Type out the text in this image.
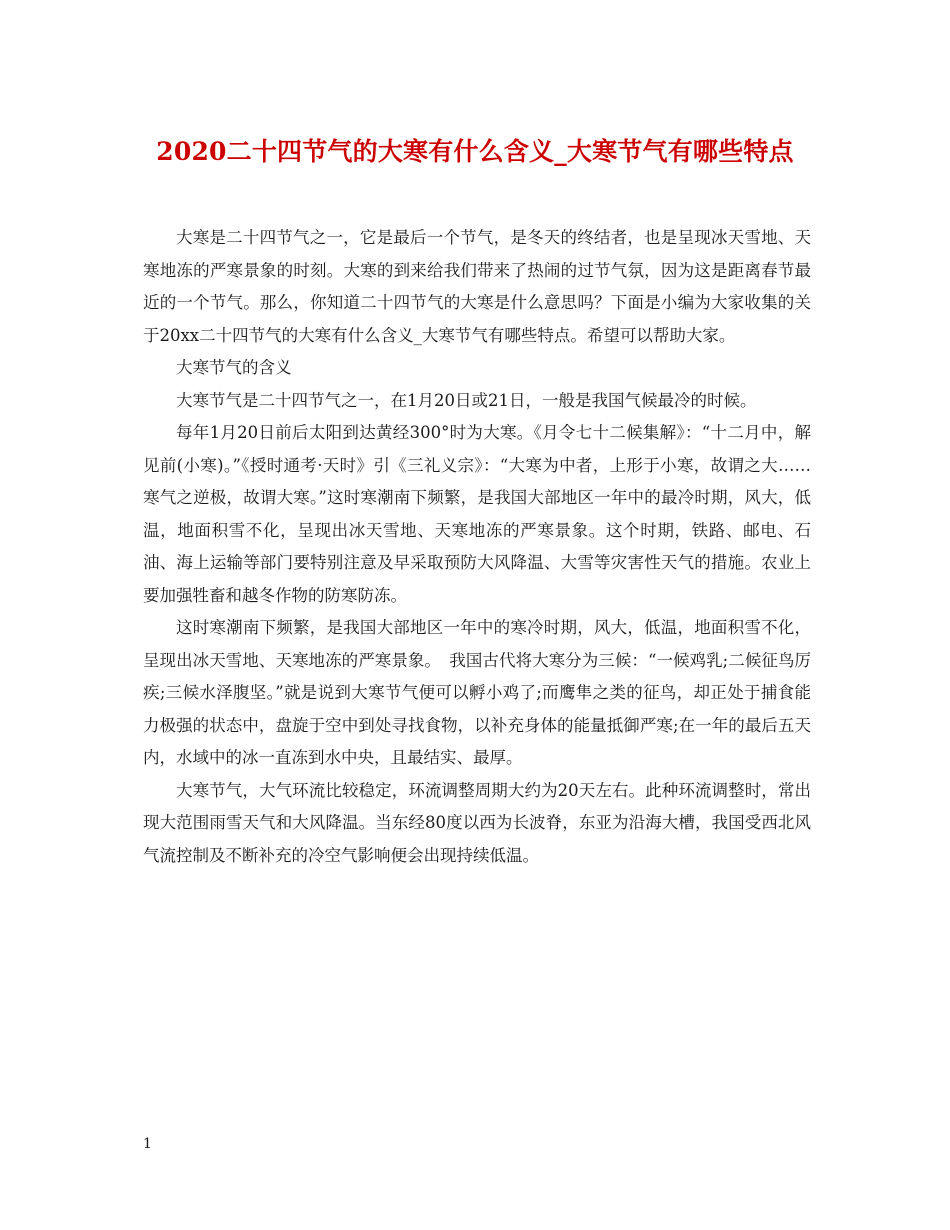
2020二十四节气的大寒有什么含义_大寒节气有哪些特点

大寒是二十四节气之一，它是最后一个节气，是冬天的终结者，也是呈现冰天雪地、天寒地冻的严寒景象的时刻。大寒的到来给我们带来了热闹的过节气氛，因为这是距离春节最近的一个节气。那么，你知道二十四节气的大寒是什么意思吗？下面是小编为大家收集的关于20xx二十四节气的大寒有什么含义_大寒节气有哪些特点。希望可以帮助大家。

大寒节气的含义

大寒节气是二十四节气之一，在1月20日或21日，一般是我国气候最冷的时候。

每年1月20日前后太阳到达黄经300°时为大寒。《月令七十二候集解》：“十二月中，解见前(小寒)。”《授时通考·天时》引《三礼义宗》：“大寒为中者，上形于小寒，故谓之大……寒气之逆极，故谓大寒。”这时寒潮南下频繁，是我国大部地区一年中的最冷时期，风大，低温，地面积雪不化，呈现出冰天雪地、天寒地冻的严寒景象。这个时期，铁路、邮电、石油、海上运输等部门要特别注意及早采取预防大风降温、大雪等灾害性天气的措施。农业上要加强牲畜和越冬作物的防寒防冻。

这时寒潮南下频繁，是我国大部地区一年中的寒冷时期，风大，低温，地面积雪不化，呈现出冰天雪地、天寒地冻的严寒景象。　我国古代将大寒分为三候：“一候鸡乳;二候征鸟厉疾;三候水泽腹坚。”就是说到大寒节气便可以孵小鸡了;而鹰隼之类的征鸟，却正处于捕食能力极强的状态中，盘旋于空中到处寻找食物，以补充身体的能量抵御严寒;在一年的最后五天内，水域中的冰一直冻到水中央，且最结实、最厚。

大寒节气，大气环流比较稳定，环流调整周期大约为20天左右。此种环流调整时，常出现大范围雨雪天气和大风降温。当东经80度以西为长波脊，东亚为沿海大槽，我国受西北风气流控制及不断补充的冷空气影响便会出现持续低温。

1
